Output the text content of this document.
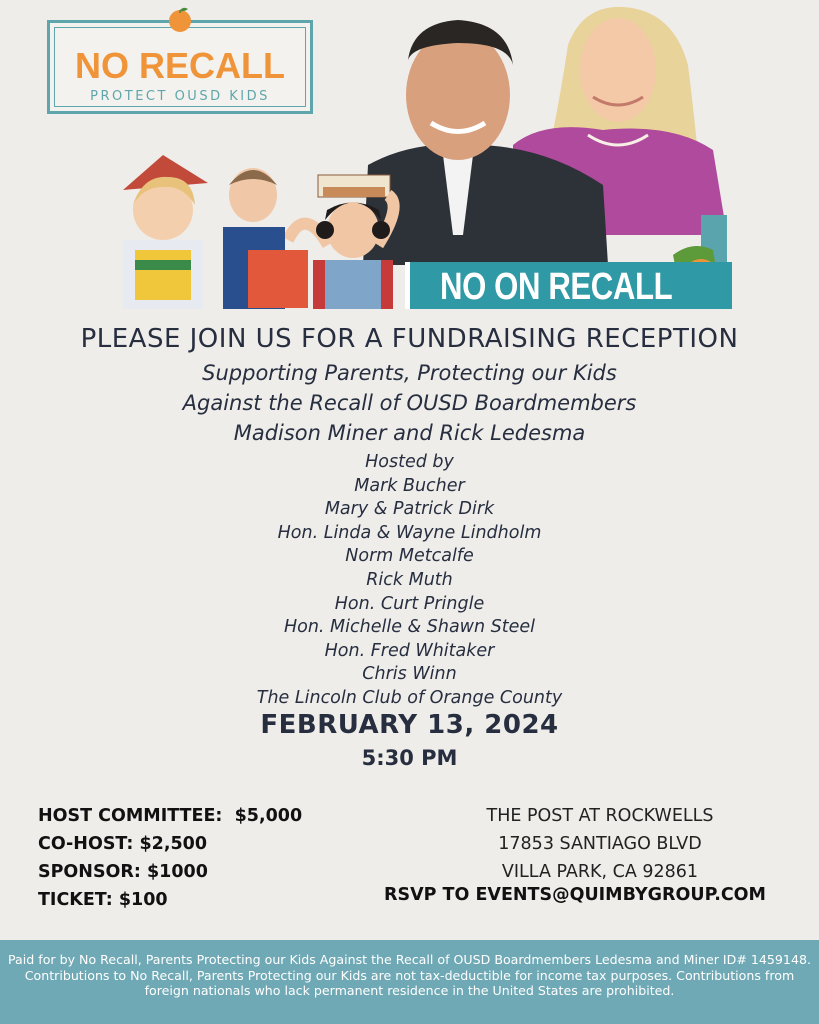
NO RECALL
PROTECT OUSD KIDS
NO ON RECALL
PLEASE JOIN US FOR A FUNDRAISING RECEPTION
Supporting Parents, Protecting our Kids
Against the Recall of OUSD Boardmembers
Madison Miner and Rick Ledesma
Hosted by
Mark Bucher
Mary & Patrick Dirk
Hon. Linda & Wayne Lindholm
Norm Metcalfe
Rick Muth
Hon. Curt Pringle
Hon. Michelle & Shawn Steel
Hon. Fred Whitaker
Chris Winn
The Lincoln Club of Orange County
FEBRUARY 13, 2024
5:30 PM
HOST COMMITTEE:  $5,000
CO-HOST: $2,500
SPONSOR: $1000
TICKET: $100
THE POST AT ROCKWELLS
17853 SANTIAGO BLVD
VILLA PARK, CA 92861
RSVP TO EVENTS@QUIMBYGROUP.COM
Paid for by No Recall, Parents Protecting our Kids Against the Recall of OUSD Boardmembers Ledesma and Miner ID# 1459148. Contributions to No Recall, Parents Protecting our Kids are not tax-deductible for income tax purposes. Contributions from foreign nationals who lack permanent residence in the United States are prohibited.
